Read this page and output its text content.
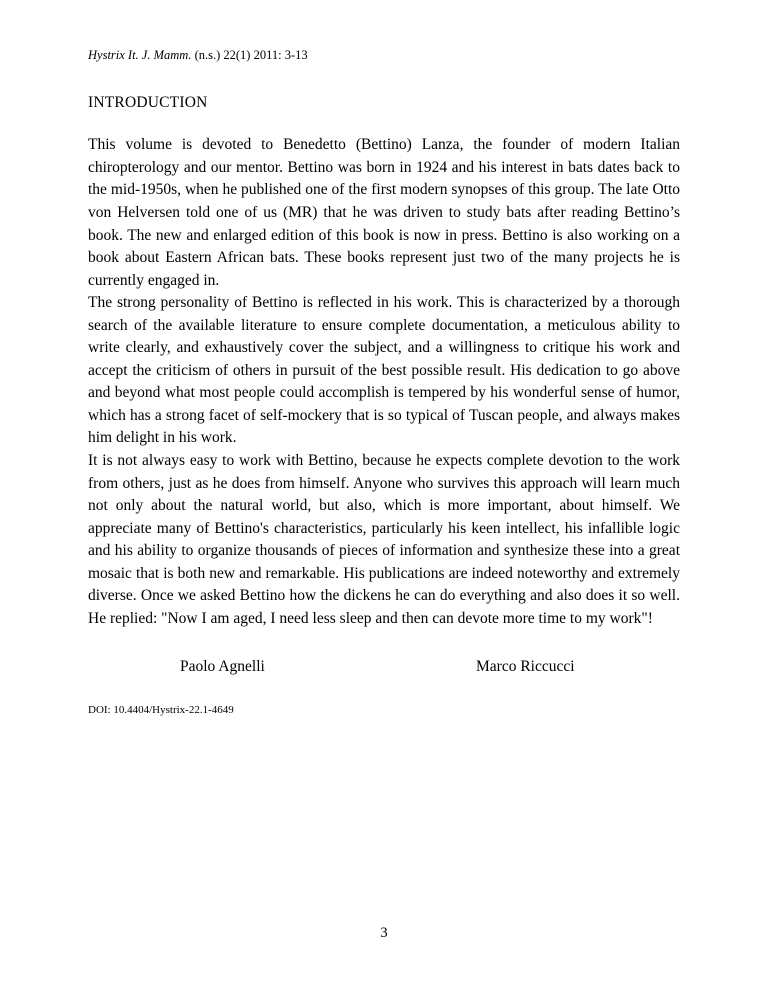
Hystrix It. J. Mamm. (n.s.) 22(1) 2011: 3-13
INTRODUCTION

This volume is devoted to Benedetto (Bettino) Lanza, the founder of modern Italian chiropterology and our mentor. Bettino was born in 1924 and his interest in bats dates back to the mid-1950s, when he published one of the first modern synopses of this group. The late Otto von Helversen told one of us (MR) that he was driven to study bats after reading Bettino’s book. The new and enlarged edition of this book is now in press. Bettino is also working on a book about Eastern African bats. These books represent just two of the many projects he is currently engaged in.

The strong personality of Bettino is reflected in his work. This is characterized by a thorough search of the available literature to ensure complete documentation, a meticulous ability to write clearly, and exhaustively cover the subject, and a willingness to critique his work and accept the criticism of others in pursuit of the best possible result. His dedication to go above and beyond what most people could accomplish is tempered by his wonderful sense of humor, which has a strong facet of self-mockery that is so typical of Tuscan people, and always makes him delight in his work.

It is not always easy to work with Bettino, because he expects complete devotion to the work from others, just as he does from himself. Anyone who survives this approach will learn much not only about the natural world, but also, which is more important, about himself. We appreciate many of Bettino's characteristics, particularly his keen intellect, his infallible logic and his ability to organize thousands of pieces of information and synthesize these into a great mosaic that is both new and remarkable. His publications are indeed noteworthy and extremely diverse. Once we asked Bettino how the dickens he can do everything and also does it so well. He replied: "Now I am aged, I need less sleep and then can devote more time to my work"!

Paolo Agnelli	Marco Riccucci
DOI: 10.4404/Hystrix-22.1-4649
3
